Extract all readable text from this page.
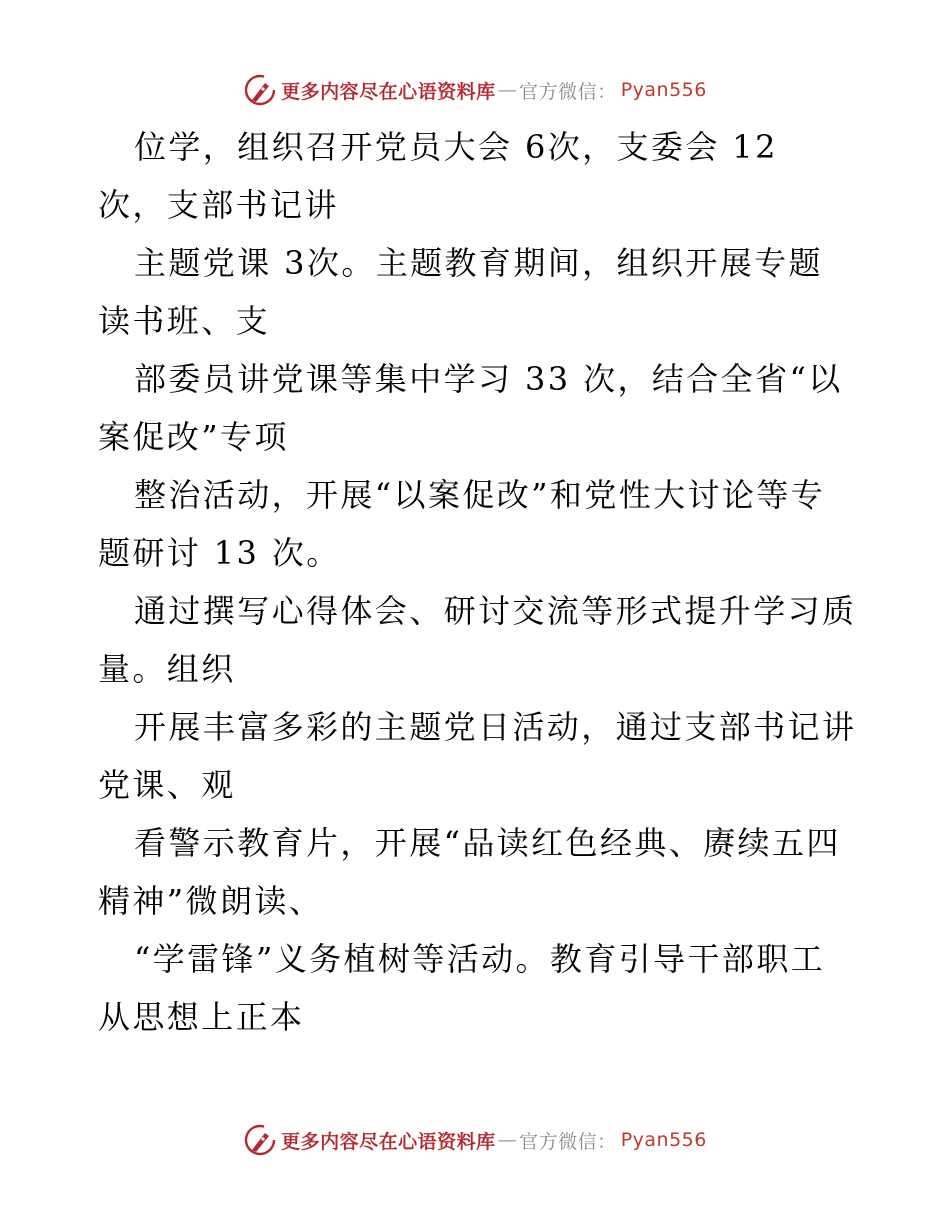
更多内容尽在心语资料库 — 官方微信： Pyan556

位学，组织召开党员大会 6次，支委会 12

次，支部书记讲

主题党课 3次。主题教育期间，组织开展专题

读书班、支

部委员讲党课等集中学习 33 次，结合全省“以

案促改”专项

整治活动，开展“以案促改”和党性大讨论等专

题研讨 13 次。

通过撰写心得体会、研讨交流等形式提升学习质

量。组织

开展丰富多彩的主题党日活动，通过支部书记讲

党课、观

看警示教育片，开展“品读红色经典、赓续五四

精神”微朗读、

“学雷锋”义务植树等活动。教育引导干部职工

从思想上正本

更多内容尽在心语资料库 — 官方微信： Pyan556
